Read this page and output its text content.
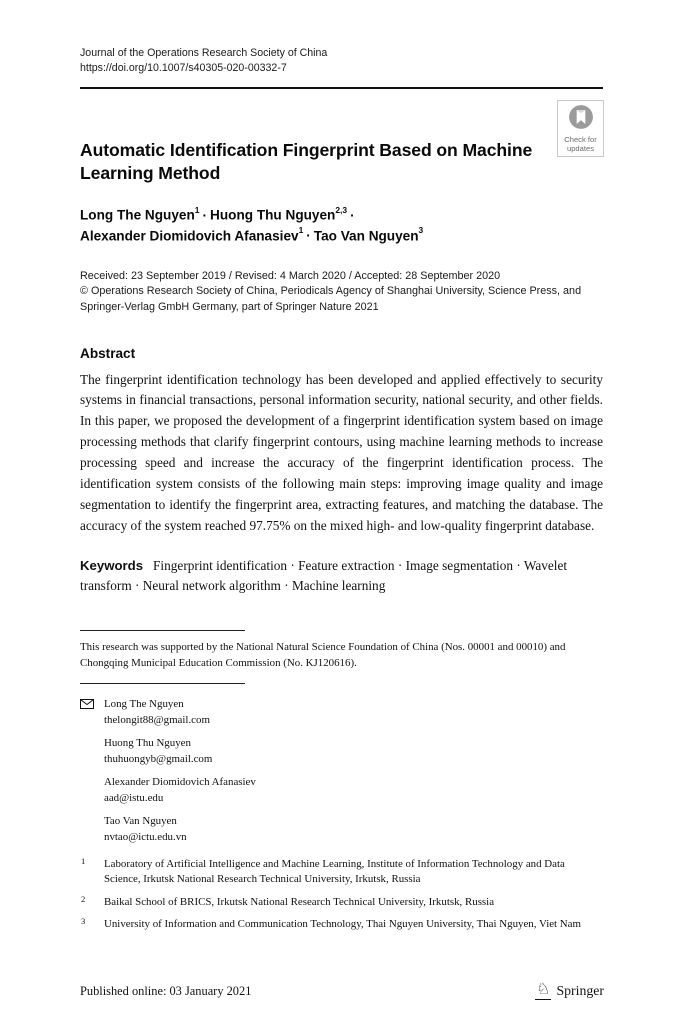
Journal of the Operations Research Society of China
https://doi.org/10.1007/s40305-020-00332-7
Automatic Identification Fingerprint Based on Machine Learning Method
Long The Nguyen$^1$ · Huong Thu Nguyen$^{2,3}$ ·
Alexander Diomidovich Afanasiev$^1$ · Tao Van Nguyen$^3$
Received: 23 September 2019 / Revised: 4 March 2020 / Accepted: 28 September 2020
© Operations Research Society of China, Periodicals Agency of Shanghai University, Science Press, and Springer-Verlag GmbH Germany, part of Springer Nature 2021
Abstract

The fingerprint identification technology has been developed and applied effectively to security systems in financial transactions, personal information security, national security, and other fields. In this paper, we proposed the development of a fingerprint identification system based on image processing methods that clarify fingerprint contours, using machine learning methods to increase processing speed and increase the accuracy of the fingerprint identification process. The identification system consists of the following main steps: improving image quality and image segmentation to identify the fingerprint area, extracting features, and matching the database. The accuracy of the system reached 97.75% on the mixed high- and low-quality fingerprint database.

Keywords Fingerprint identification · Feature extraction · Image segmentation · Wavelet transform · Neural network algorithm · Machine learning

This research was supported by the National Natural Science Foundation of China (Nos. 00001 and 00010) and Chongqing Municipal Education Commission (No. KJ120616).

Long The Nguyen
thelongit88@gmail.com
Huong Thu Nguyen
thuhuongyb@gmail.com
Alexander Diomidovich Afanasiev
aad@istu.edu
Tao Van Nguyen
nvtao@ictu.edu.vn
1	Laboratory of Artificial Intelligence and Machine Learning, Institute of Information Technology and Data Science, Irkutsk National Research Technical University, Irkutsk, Russia
2	Baikal School of BRICS, Irkutsk National Research Technical University, Irkutsk, Russia
3	University of Information and Communication Technology, Thai Nguyen University, Thai Nguyen, Viet Nam
Check for
updates
Published online: 03 January 2021	♘ Springer
